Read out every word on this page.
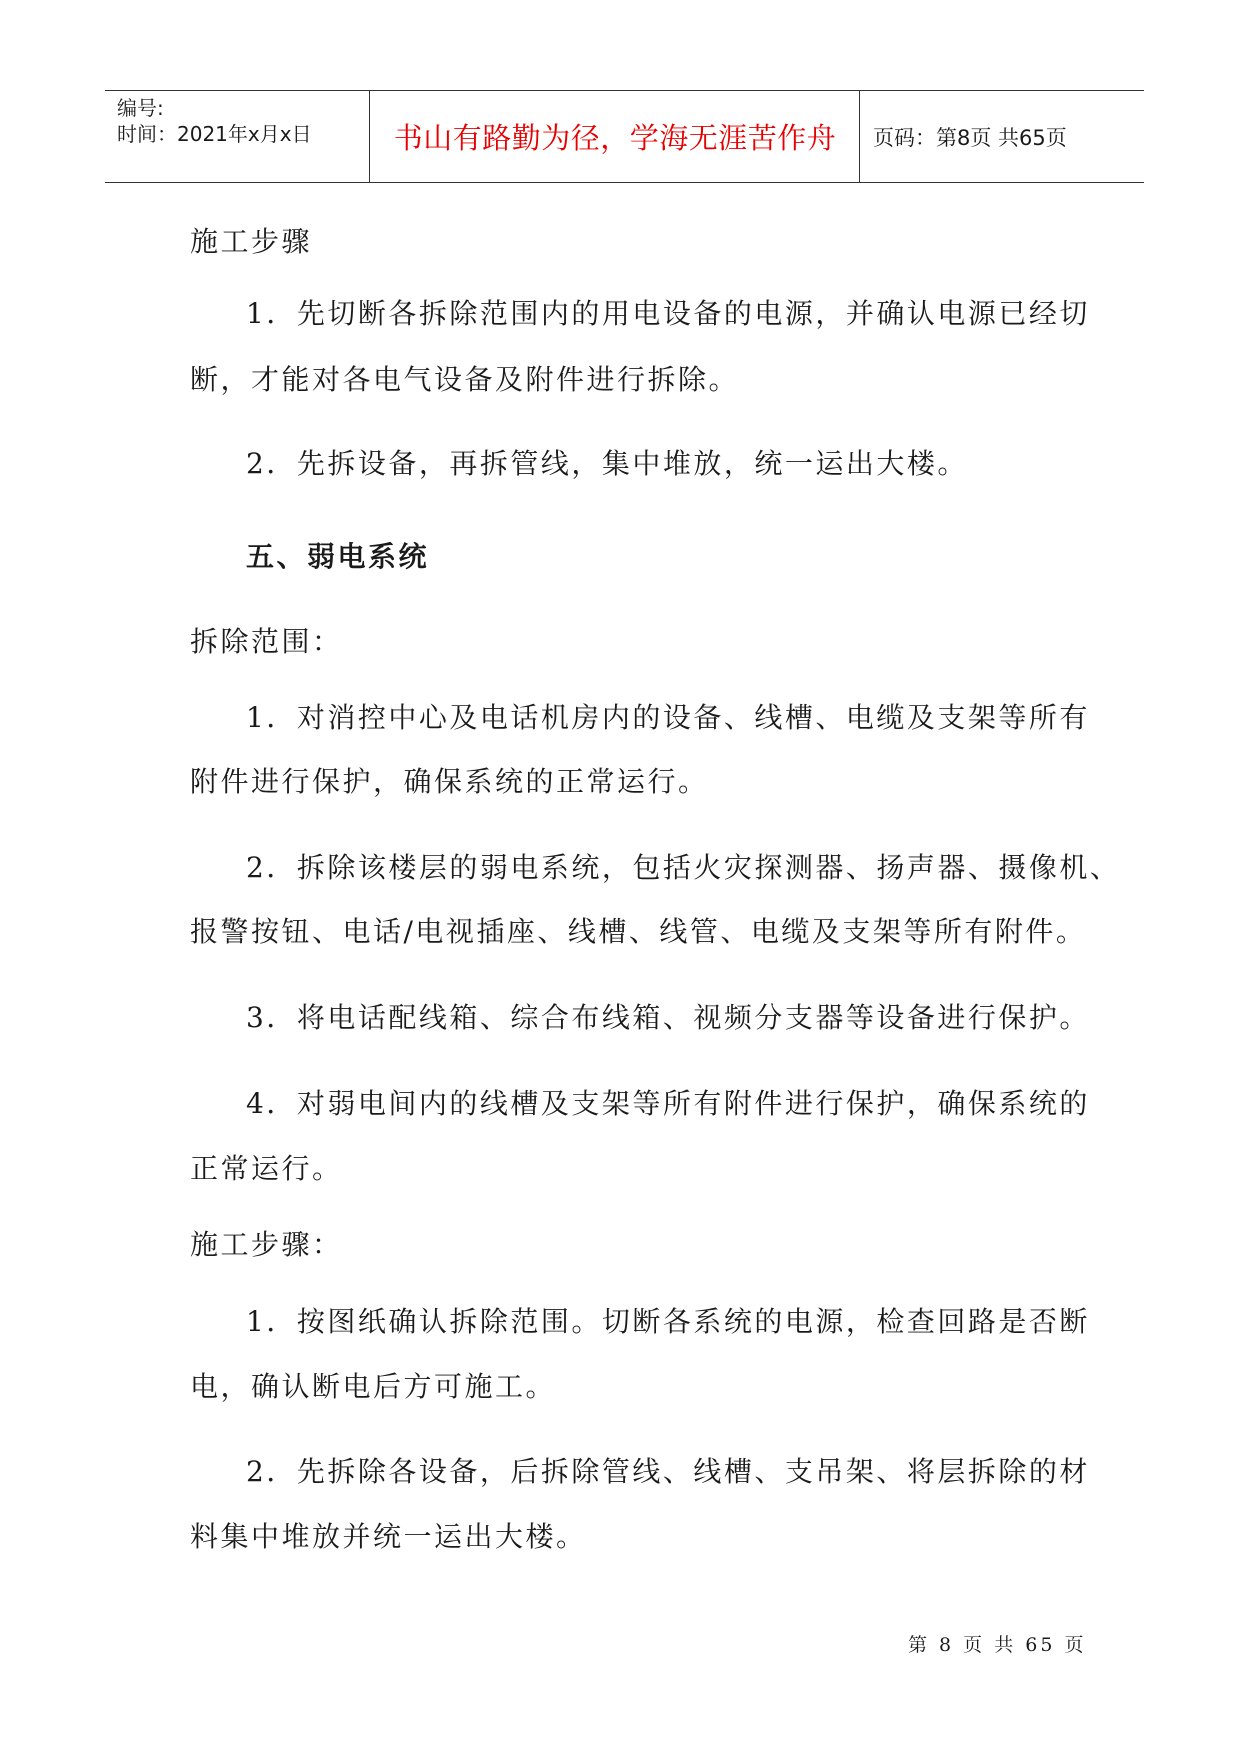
编号:
时间：2021年x月x日	书山有路勤为径，学海无涯苦作舟	页码：第8页 共65页

施工步骤

1．先切断各拆除范围内的用电设备的电源，并确认电源已经切

断，才能对各电气设备及附件进行拆除。

2．先拆设备，再拆管线，集中堆放，统一运出大楼。

五、弱电系统

拆除范围：

1．对消控中心及电话机房内的设备、线槽、电缆及支架等所有

附件进行保护，确保系统的正常运行。

2．拆除该楼层的弱电系统，包括火灾探测器、扬声器、摄像机、

报警按钮、电话/电视插座、线槽、线管、电缆及支架等所有附件。

3．将电话配线箱、综合布线箱、视频分支器等设备进行保护。

4．对弱电间内的线槽及支架等所有附件进行保护，确保系统的

正常运行。

施工步骤：

1．按图纸确认拆除范围。切断各系统的电源，检查回路是否断

电，确认断电后方可施工。

2．先拆除各设备，后拆除管线、线槽、支吊架、将层拆除的材

料集中堆放并统一运出大楼。

第 8 页 共 65 页
